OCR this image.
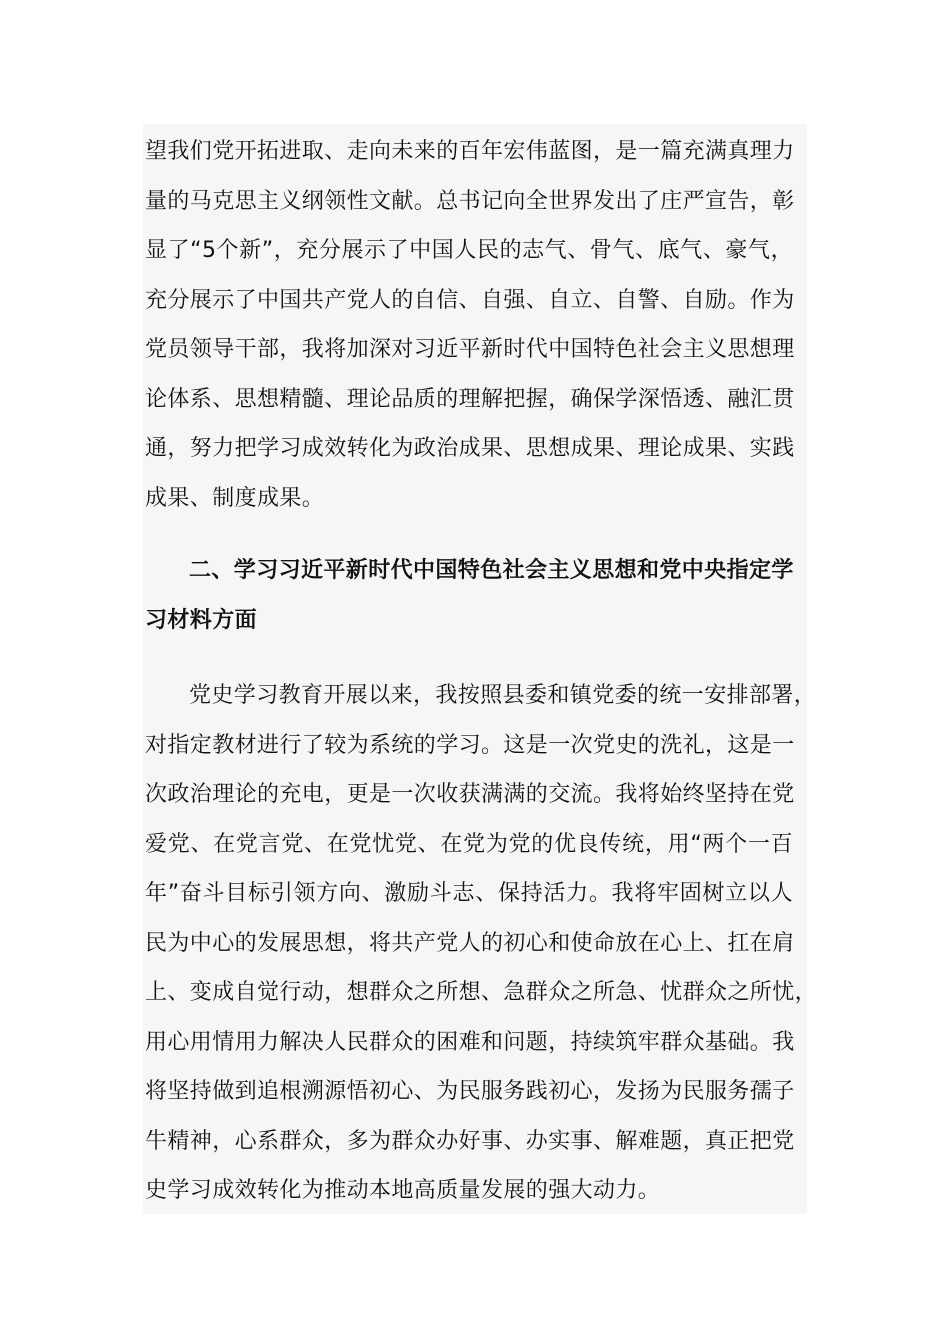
望我们党开拓进取、走向未来的百年宏伟蓝图，是一篇充满真理力
量的马克思主义纲领性文献。总书记向全世界发出了庄严宣告，彰
显了“5个新”，充分展示了中国人民的志气、骨气、底气、豪气，
充分展示了中国共产党人的自信、自强、自立、自警、自励。作为
党员领导干部，我将加深对习近平新时代中国特色社会主义思想理
论体系、思想精髓、理论品质的理解把握，确保学深悟透、融汇贯
通，努力把学习成效转化为政治成果、思想成果、理论成果、实践
成果、制度成果。
二、学习习近平新时代中国特色社会主义思想和党中央指定学
习材料方面
党史学习教育开展以来，我按照县委和镇党委的统一安排部署，
对指定教材进行了较为系统的学习。这是一次党史的洗礼，这是一
次政治理论的充电，更是一次收获满满的交流。我将始终坚持在党
爱党、在党言党、在党忧党、在党为党的优良传统，用“两个一百
年”奋斗目标引领方向、激励斗志、保持活力。我将牢固树立以人
民为中心的发展思想，将共产党人的初心和使命放在心上、扛在肩
上、变成自觉行动，想群众之所想、急群众之所急、忧群众之所忧，
用心用情用力解决人民群众的困难和问题，持续筑牢群众基础。我
将坚持做到追根溯源悟初心、为民服务践初心，发扬为民服务孺子
牛精神，心系群众，多为群众办好事、办实事、解难题，真正把党
史学习成效转化为推动本地高质量发展的强大动力。
